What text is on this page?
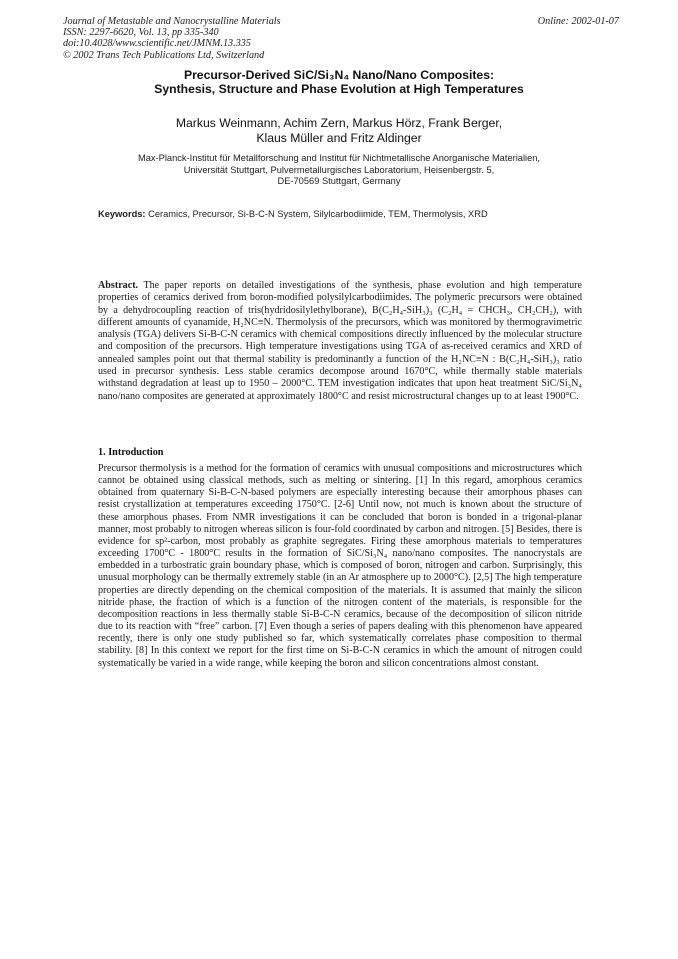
Journal of Metastable and Nanocrystalline Materials
ISSN: 2297-6620, Vol. 13, pp 335-340
doi:10.4028/www.scientific.net/JMNM.13.335
© 2002 Trans Tech Publications Ltd, Switzerland
Online: 2002-01-07
Precursor-Derived SiC/Si₃N₄ Nano/Nano Composites:
Synthesis, Structure and Phase Evolution at High Temperatures
Markus Weinmann, Achim Zern, Markus Hörz, Frank Berger,
Klaus Müller and Fritz Aldinger
Max-Planck-Institut für Metallforschung and Institut für Nichtmetallische Anorganische Materialien,
Universität Stuttgart, Pulvermetallurgisches Laboratorium, Heisenbergstr. 5,
DE-70569 Stuttgart, Germany
Keywords: Ceramics, Precursor, Si-B-C-N System, Silylcarbodiimide, TEM, Thermolysis, XRD

Abstract. The paper reports on detailed investigations of the synthesis, phase evolution and high temperature properties of ceramics derived from boron-modified polysilylcarbodiimides. The polymeric precursors were obtained by a dehydrocoupling reaction of tris(hydridosilylethylborane), B(C₂H₄-SiH₃)₃ (C₂H₄ = CHCH₃, CH₂CH₂), with different amounts of cyanamide, H₂NC≡N. Thermolysis of the precursors, which was monitored by thermogravimetric analysis (TGA) delivers Si-B-C-N ceramics with chemical compositions directly influenced by the molecular structure and composition of the precursors. High temperature investigations using TGA of as-received ceramics and XRD of annealed samples point out that thermal stability is predominantly a function of the H₂NC≡N : B(C₂H₄-SiH₃)₃ ratio used in precursor synthesis. Less stable ceramics decompose around 1670°C, while thermally stable materials withstand degradation at least up to 1950 – 2000°C. TEM investigation indicates that upon heat treatment SiC/Si₃N₄ nano/nano composites are generated at approximately 1800°C and resist microstructural changes up to at least 1900°C.

1. Introduction

Precursor thermolysis is a method for the formation of ceramics with unusual compositions and microstructures which cannot be obtained using classical methods, such as melting or sintering. [1] In this regard, amorphous ceramics obtained from quaternary Si-B-C-N-based polymers are especially interesting because their amorphous phases can resist crystallization at temperatures exceeding 1750°C. [2-6] Until now, not much is known about the structure of these amorphous phases. From NMR investigations it can be concluded that boron is bonded in a trigonal-planar manner, most probably to nitrogen whereas silicon is four-fold coordinated by carbon and nitrogen. [5] Besides, there is evidence for sp²-carbon, most probably as graphite segregates. Firing these amorphous materials to temperatures exceeding 1700°C - 1800°C results in the formation of SiC/Si₃N₄ nano/nano composites. The nanocrystals are embedded in a turbostratic grain boundary phase, which is composed of boron, nitrogen and carbon. Surprisingly, this unusual morphology can be thermally extremely stable (in an Ar atmosphere up to 2000°C). [2,5] The high temperature properties are directly depending on the chemical composition of the materials. It is assumed that mainly the silicon nitride phase, the fraction of which is a function of the nitrogen content of the materials, is responsible for the decomposition reactions in less thermally stable Si-B-C-N ceramics, because of the decomposition of silicon nitride due to its reaction with “free” carbon. [7] Even though a series of papers dealing with this phenomenon have appeared recently, there is only one study published so far, which systematically correlates phase composition to thermal stability. [8] In this context we report for the first time on Si-B-C-N ceramics in which the amount of nitrogen could systematically be varied in a wide range, while keeping the boron and silicon concentrations almost constant.
